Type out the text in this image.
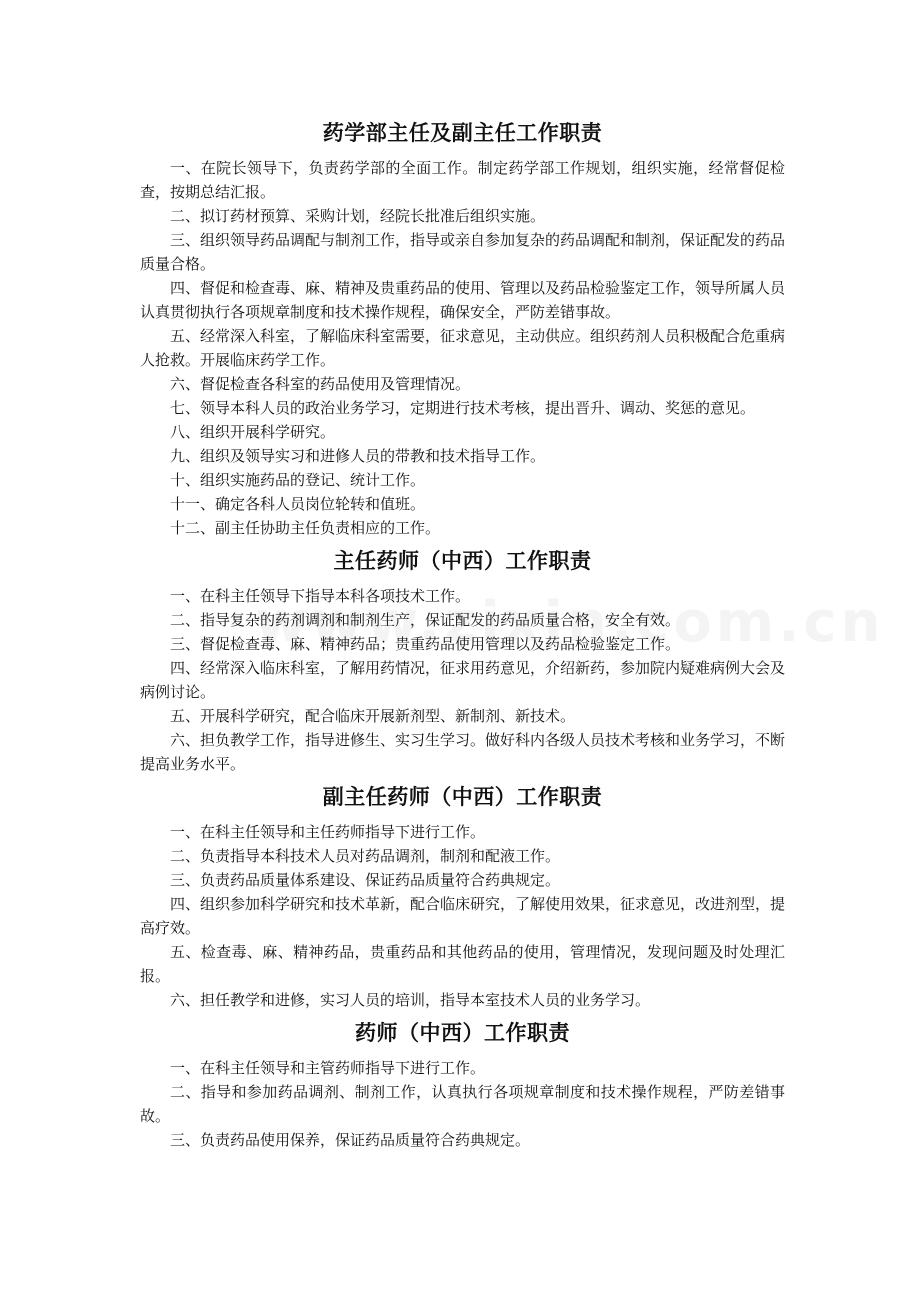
药学部主任及副主任工作职责

一、在院长领导下，负责药学部的全面工作。制定药学部工作规划，组织实施，经常督促检查，按期总结汇报。

二、拟订药材预算、采购计划，经院长批准后组织实施。

三、组织领导药品调配与制剂工作，指导或亲自参加复杂的药品调配和制剂，保证配发的药品质量合格。

四、督促和检查毒、麻、精神及贵重药品的使用、管理以及药品检验鉴定工作，领导所属人员认真贯彻执行各项规章制度和技术操作规程，确保安全，严防差错事故。

五、经常深入科室，了解临床科室需要，征求意见，主动供应。组织药剂人员积极配合危重病人抢救。开展临床药学工作。

六、督促检查各科室的药品使用及管理情况。

七、领导本科人员的政治业务学习，定期进行技术考核，提出晋升、调动、奖惩的意见。

八、组织开展科学研究。

九、组织及领导实习和进修人员的带教和技术指导工作。

十、组织实施药品的登记、统计工作。

十一、确定各科人员岗位轮转和值班。

十二、副主任协助主任负责相应的工作。

主任药师（中西）工作职责

一、在科主任领导下指导本科各项技术工作。

二、指导复杂的药剂调剂和制剂生产，保证配发的药品质量合格，安全有效。

三、督促检查毒、麻、精神药品；贵重药品使用管理以及药品检验鉴定工作。

四、经常深入临床科室，了解用药情况，征求用药意见，介绍新药，参加院内疑难病例大会及病例讨论。

五、开展科学研究，配合临床开展新剂型、新制剂、新技术。

六、担负教学工作，指导进修生、实习生学习。做好科内各级人员技术考核和业务学习，不断提高业务水平。

副主任药师（中西）工作职责

一、在科主任领导和主任药师指导下进行工作。

二、负责指导本科技术人员对药品调剂，制剂和配液工作。

三、负责药品质量体系建设、保证药品质量符合药典规定。

四、组织参加科学研究和技术革新，配合临床研究，了解使用效果，征求意见，改进剂型，提高疗效。

五、检查毒、麻、精神药品，贵重药品和其他药品的使用，管理情况，发现问题及时处理汇报。

六、担任教学和进修，实习人员的培训，指导本室技术人员的业务学习。

药师（中西）工作职责

一、在科主任领导和主管药师指导下进行工作。

二、指导和参加药品调剂、制剂工作，认真执行各项规章制度和技术操作规程，严防差错事故。

三、负责药品使用保养，保证药品质量符合药典规定。
